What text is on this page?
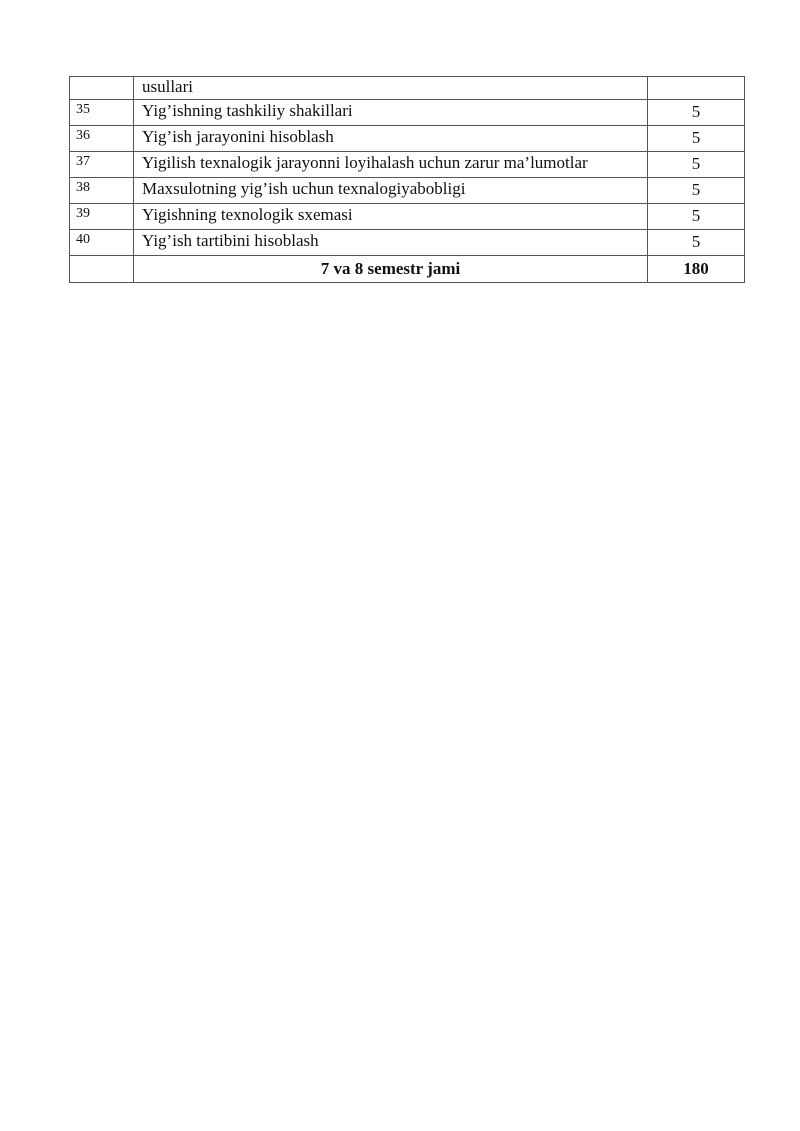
	usullari	
35	Yig’ishning tashkiliy shakillari	5
36	Yig’ish jarayonini hisoblash	5
37	Yigilish texnalogik jarayonni loyihalash uchun zarur ma’lumotlar	5
38	Maxsulotning yig’ish uchun texnalogiyabobligi	5
39	Yigishning texnologik sxemasi	5
40	Yig’ish tartibini hisoblash	5
	7 va 8 semestr jami	180
